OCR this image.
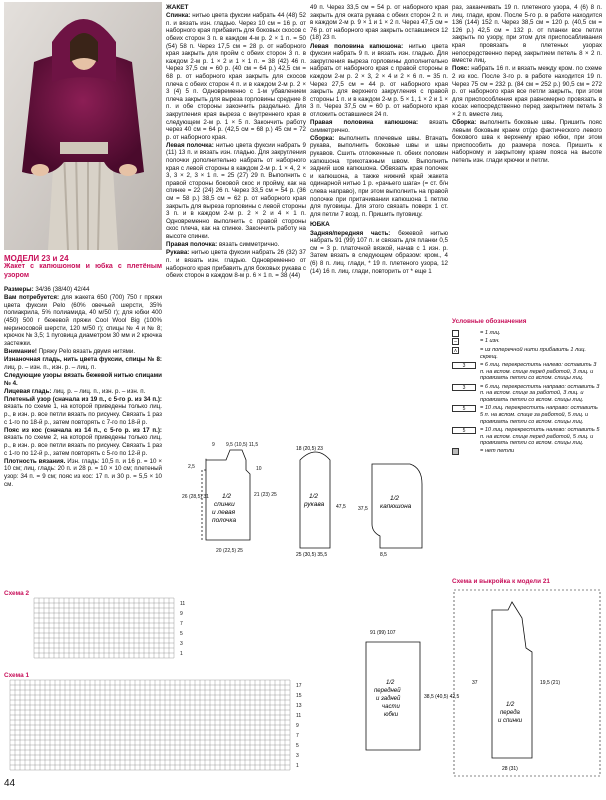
МОДЕЛИ 23 и 24
Жакет с капюшоном и юбка с плетёным узором

Размеры: 34/36 (38/40) 42/44

Вам потребуется: для жакета 650 (700) 750 г пряжи цвета фуксии Pelo (60% овечьей шерсти, 35% полиакрила, 5% полиамида, 40 м/50 г); для юбки 400 (450) 500 г бежевой пряжи Cool Wool Big (100% мериносовой шерсти, 120 м/50 г); спицы № 4 и № 8; крючок № 3,5; 1 пуговица диаметром 30 мм и 2 крючка застежки.

Внимание! Пряжу Pelo вязать двумя нитями.

Изнаночная гладь, нить цвета фуксии, спицы № 8: лиц. р. – изн. п., изн. р. – лиц. п.

Следующие узоры вязать бежевой нитью спицами № 4.

Лицевая гладь: лиц. р. – лиц. п., изн. р. – изн. п.

Плетеный узор (сначала из 19 п., с 5-го р. из 34 п.): вязать по схеме 1, на которой приведены только лиц. р., в изн. р. все петли вязать по рисунку. Связать 1 раз с 1-го по 18-й р., затем повторять с 7-го по 18-й р.

Пояс из кос (сначала из 14 п., с 5-го р. из 17 п.): вязать по схеме 2, на которой приведены только лиц. р., в изн. р. все петли вязать по рисунку. Связать 1 раз с 1-го по 12-й р., затем повторять с 5-го по 12-й р.

Плотность вязания. Изн. гладь: 10,5 п. и 16 р. = 10 × 10 см; лиц. гладь: 20 п. и 28 р. = 10 × 10 см; плетеный узор: 34 п. = 9 см; пояс из кос: 17 п. и 30 р. = 5,5 × 10 см.

ЖАКЕТ

Спинка: нитью цвета фуксии набрать 44 (48) 52 п. и вязать изн. гладью. Через 10 см = 16 р. от наборного края прибавить для боковых скосов с обеих сторон 3 п. в каждом 4-м р. 2 × 1 п. = 50 (54) 58 п. Через 17,5 см = 28 р. от наборного края закрыть для пройм с обеих сторон 3 п. в каждом 2-м р. 1 × 2 и 1 × 1 п. = 38 (42) 46 п. Через 37,5 см = 60 р. (40 см = 64 р.) 42,5 см = 68 р. от наборного края закрыть для скосов плеча с обеих сторон 4 п. и в каждом 2-м р. 2 × 3 (4) 5 п. Одновременно с 1-м убавлением плеча закрыть для выреза горловины средние 8 п. и обе стороны закончить раздельно. Для закругления края выреза с внутреннего края в следующем 2-м р. 1 × 5 п. Закончить работу через 40 см = 64 р. (42,5 см = 68 р.) 45 см = 72 р. от наборного края.

Левая полочка: нитью цвета фуксии набрать 9 (11) 13 п. и вязать изн. гладью. Для закругления полочки дополнительно набрать от наборного края с левой стороны в каждом 2-м р. 1 × 4, 2 × 3, 3 × 2, 3 × 1 п. = 25 (27) 29 п. Выполнить с правой стороны боковой скос и пройму, как на спинке = 22 (24) 26 п. Через 33,5 см = 54 р. (36 см = 58 р.) 38,5 см = 62 р. от наборного края закрыть для выреза горловины с левой стороны 3 п. и в каждом 2-м р. 2 × 2 и 4 × 1 п. Одновременно выполнить с правой стороны скос плеча, как на спинке. Закончить работу на высоте спинки.

Правая полочка: вязать симметрично.

Рукава: нитью цвета фуксии набрать 26 (32) 37 п. и вязать изн. гладью. Одновременно от наборного края прибавить для боковых рукава с обеих сторон в каждом 8-м р. 6 × 1 п. = 38 (44)

49 п. Через 33,5 см = 54 р. от наборного края закрыть для оката рукава с обеих сторон 2 п. и в каждом 2-м р. 9 × 1 и 1 × 2 п. Через 47,5 см = 76 р. от наборного края закрыть оставшиеся 12 (18) 23 п.

Левая половина капюшона: нитью цвета фуксии набрать 9 п. и вязать изн. гладью. Для закругления выреза горловины дополнительно набрать от наборного края с правой стороны в каждом 2-м р. 2 × 3, 2 × 4 и 2 × 6 п. = 35 п. Через 27,5 см = 44 р. от наборного края закрыть для верхнего закругления с правой стороны 1 п. и в каждом 2-м р. 5 × 1, 1 × 2 и 1 × 3 п. Через 37,5 см = 60 р. от наборного края отложить оставшиеся 24 п.

Правая половина капюшона: вязать симметрично.

Сборка: выполнить плечевые швы. Втачать рукава, выполнить боковые швы и швы рукавов. Сшить отложенные п. обеих половин капюшона трикотажным швом. Выполнить задний шов капюшона. Обвязать края полочек и капюшона, а также нижний край жакета одинарной нитью 1 р. «рачьего шага» (= ст. б/н слева направо), при этом выполнить на правой полочке при притачивании капюшона 1 петлю для пуговицы. Для этого связать поверх 1 ст. для петли 7 возд. п. Пришить пуговицу.

ЮБКА

Задняя/передняя часть: бежевой нитью набрать 91 (99) 107 п. и связать для планки 0,5 см = 3 р. платочной вязкой, начав с 1 изн. р. Затем вязать в следующем образом: кром., 4 (6) 8 п. лиц. глади, * 19 п. плетеного узора, 12 (14) 16 п. лиц. глади, повторить от * еще 1

раз, заканчивать 19 п. плетеного узора, 4 (6) 8 п. лиц. глади, кром. После 5-го р. в работе находится 136 (144) 152 п. Через 38,5 см = 120 р. (40,5 см = 126 р.) 42,5 см = 132 р. от планки все петли закрыть по узору, при этом для приспосабливания края провязать в плетеных узорах непосредственно перед закрытием петель 8 × 2 п. вместе лиц.

Пояс: набрать 16 п. и вязать между кром. по схеме 2 из кос. После 3-го р. в работе находится 19 п. Через 75 см = 232 р. (84 см = 252 р.) 90,5 см = 272 р. от наборного края все петли закрыть, при этом для приспособления края равномерно провязать в косах непосредственно перед закрытием петель 3 × 2 п. вместе лиц.

Сборка: выполнить боковые швы. Пришить пояс левым боковым краем от/до фактического левого бокового шва к верхнему краю юбки, при этом приспособить до размера пояса. Пришить к наборному и закрытому краям пояса на высоте петель изн. глади крючки и петли.

Условные обозначения
= 1 лиц.
–	= 1 изн.
ʌ	= из поперечной нити прибавить 1 лиц. скрещ.
3	= 6 лиц. перекрестить налево: оставить 3 п. на вспом. спице перед работой, 3 лиц. и провязать петли со вспом. спицы лиц.
3	= 6 лиц. перекрестить направо: оставить 3 п. на вспом. спице за работой, 3 лиц. и провязать петли со вспом. спицы лиц.
5	= 10 лиц. перекрестить направо: оставить 5 п. на вспом. спице за работой, 5 лиц. и провязать петли со вспом. спицы лиц.
5	= 10 лиц. перекрестить налево: оставить 5 п. на вспом. спице перед работой, 5 лиц. и провязать петли со вспом. спицы лиц.
= нет петли
1/2 спинки и левая полочка
9 9,5 (10,5) 11,5
2,5
26 (28,5) 31
10
21 (23) 25
20 (22,5) 25
1/2 рукава
18 (20,5) 23
47,5
25 (30,5) 35,5
1/2 капюшона
37,5
8,5
Схема 2
11
9
7
5
3
1
Схема 1
17
15
13
11
9
7
5
3
1
91 (99) 107
38,5 (40,5) 42,5
1/2 передней и задней части юбки
Схема и выкройка к модели 21
1/2 переда и спинки
28 (31)
19,5 (21)
37
44
